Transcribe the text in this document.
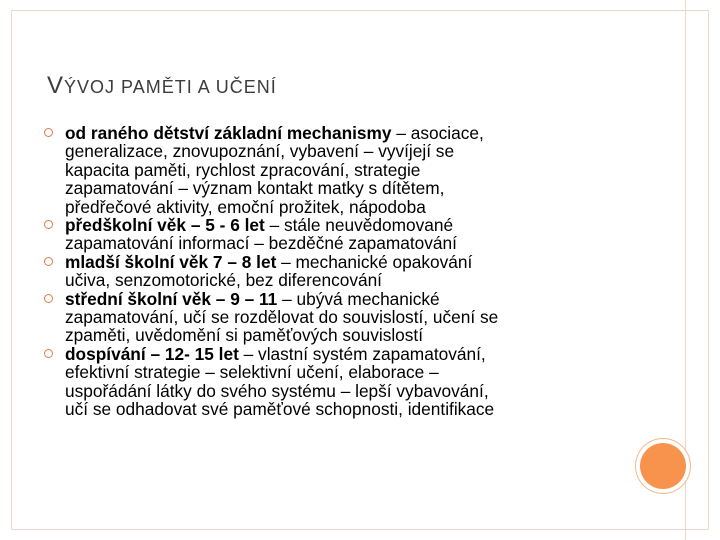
VÝVOJ PAMĚTI A UČENÍ
od raného dětství základní mechanismy – asociace,
generalizace, znovupoznání, vybavení – vyvíjejí se
kapacita paměti, rychlost zpracování, strategie
zapamatování – význam kontakt matky s dítětem,
předřečové aktivity, emoční prožitek, nápodoba
předškolní věk – 5 - 6 let – stále neuvědomované
zapamatování informací – bezděčné zapamatování
mladší školní věk 7 – 8 let – mechanické opakování
učiva, senzomotorické, bez diferencování
střední školní věk – 9 – 11 – ubývá mechanické
zapamatování, učí se rozdělovat do souvislostí, učení se
zpaměti, uvědomění si paměťových souvislostí
dospívání – 12- 15 let – vlastní systém zapamatování,
efektivní strategie – selektivní učení, elaborace –
uspořádání látky do svého systému – lepší vybavování,
učí se odhadovat své paměťové schopnosti, identifikace
